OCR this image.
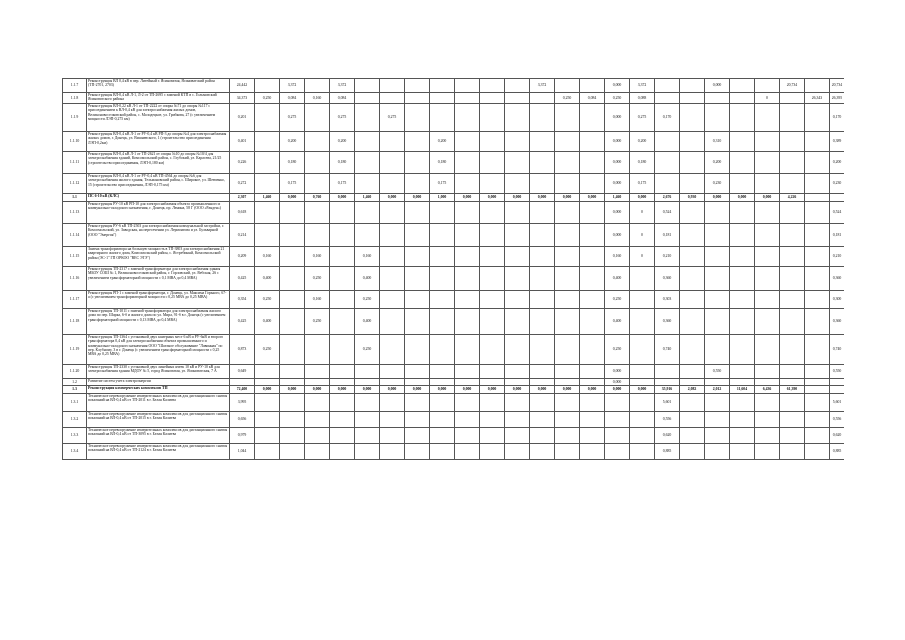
1.1.7	Реконструкция ВЛ 0,4 кВ в пер. Литейный г. Ясиноватая, Ясиноватский район (ТП-2701, 2703)	24,442		3,372		3,372								3,372			0,000	3,372			0,000			20,734		20,734
1.1.8	Реконструкция ВЛ-0,4 кВ Л-1, Л-2 от ТП-2695 с заменой КТП в с. Гольмовский Ясиноватского района	34,373	0,250	0,084	0,160	0,084									0,250	0,084	0,250	0,088					0		26,343	26,395
1.1.9	Реконструкция ВЛ-0,22 кВ Л-1 от ТП-2222 от опоры №71 до опоры №117 с присоединением к ВЛ-0,4 кВ для электроснабжения жилых домов, Великоновоселковский район, с. Молодецкое, ул. Грибкова, 27 (с увеличением мощности ЛЭП-0,275 км)	0,201		0,275		0,275		0,275									0,000	0,275	0,170							0,170
1.1.10	Реконструкция ВЛ-0,4 кВ Л-1 от РУ-0,4 кВ РП-3 до опоры №4 для электроснабжения жилых домов, г. Донецк, ул. Вишневского, 1 (строительство присоединения ЛЭП-0,2км)	0,401		0,200		0,200				0,200							0,000	0,200			0,310					0,389
1.1.11	Реконструкция ВЛ-0,4 кВ Л-1 от ТП-2621 от опоры №10 до опоры №10/4 для электроснабжения зданий, Комсомольский район, с. Глубокий, ул. Карасева, 21/25 (строительство присоединения, ЛЭП-0,180 км)	0,226		0,180		0,180				0,180							0,000	0,180			0,200					0,200
1.1.12	Реконструкция ВЛ-0,4 кВ Л-1 от РУ-0,4 кВ ТП-4564 до опоры №6 для электроснабжения жилого здания, Тельмановский район, с. Широкое, ул. Шевченко, 15 (строительство присоединения, ЛЭП-0,175 км)	0,272		0,175		0,175				0,175							0,000	0,175			0,230					0,230
1.1	ПС 6-10 кВ (КЛС)	2,307	1,460	0,000	0,760	0,000	1,460	0,000	0,000	1,000	0,000	0,000	0,000	0,000	0,000	0,000	1,460	0,000	2,676	0,930	0,000	0,000	0,000	4,226		
1.1.13	Реконструкция РУ-10 кВ РП-10 для электроснабжения объекта промышленного и коммунально-складского назначения, г. Донецк, пр. Ленина, 58 Г (ООО «Ранден»)	0,618															0,000	0	0,524							0,524
1.1.14	Реконструкция РУ-6 кВ ТП-2503 для электроснабжения коммунальной застройки, г. Комсомольский, ул. Заводская, на пересечении ул. Лермонтова и ул. Бульварной (ООО "Энергия")	0,214															0,000	0	0,181							0,181
1.1.15	Замена трансформатора на большую мощность в ТП-3803 для электроснабжения 21 квартирного жилого дома, Комсомольский район, с. Ястребиный, Комсомольский район (ЭС-1" ГП ОРКОО "ВЕС ЭТЭ")	0,209	0,160		0,160		0,160										0,160	0	0,210							0,210
1.1.16	Реконструкция ТП-2317 с заменой трансформатора для электроснабжения здания МБОУ СОШ № 1, Великоновоселковский район, г. Горловский, ул. Вебская, 26 с увеличением трансформаторной мощности с 0,1 МВА до 0,4 МВА)	0,425	0,400		0,250		0,400										0,400		0,360							0,360
1.1.17	Реконструкция РП-1 с заменой трансформатора, г. Донецк, ул. Максима Горького, 67-а (с увеличением трансформаторной мощности с 0,25 МВА до 0,25 МВА)	0,354	0,250		0,160		0,250										0,250		0,303							0,300
1.1.18	Реконструкция ТП-1011 с заменой трансформатора для электроснабжения жилого дома по пер. Шарка, 6-б и жилого дома по ул. Мира, 91-б в г. Донецк (с увеличением трансформаторной мощности с 0,13 МВА до 0,4 МВА)	0,425	0,400		0,250		0,400										0,400		0,360							0,360
1.1.19	Реконструкция ТП-1364 с установкой двух камерных мест 6 кВ и РУ-6кВ и второго трансформатора 0,4 кВ для электроснабжения объекта промышленного и коммунально-складского назначения ООО "Шахтное обслуживание "Лавинная" по пер. Клубному, 3 в г. Донецк (с увеличением трансформаторной мощности с 0,25 МВА до 0,25 МВА)	0,873	0,250				0,250										0,250		0,740							0,740
1.1.20	Реконструкция ТП-2330 с установкой двух линейных ячеек 10 кВ и РУ-10 кВ для электроснабжения здания МДОУ № 5, город Ясиноватая, ул. Ясиноватская, 7 А	0,649															0,000				0,550					0,550
1.2	Развитие систем учета электроэнергии																0,000									
1.3	Реконструкция коммерческих комплексов ТП	72,400	0,000	0,000	0,000	0,000	0,000	0,000	0,000	0,000	0,000	0,000	0,000	0,000	0,000	0,000	0,000	0,000	35,916	2,082	2,012	11,604	6,436	61,390		
1.3.1	Техническое перевооружение измерительных комплексов для дистанционного снятия показаний на ВЛ-0,4 кВ от ТП-2011 в г. Белая Калитва	3,995																	5,601							5,601
1.3.2	Техническое перевооружение измерительных комплексов для дистанционного снятия показаний на ВЛ-0,4 кВ от ТП-2015 в г. Белая Калитва	0,656																	0,556							0,556
1.3.3	Техническое перевооружение измерительных комплексов для дистанционного снятия показаний на ВЛ-0,4 кВ от ТП-3095 в г. Белая Калитва	0,979																	0,620							0,620
1.3.4	Техническое перевооружение измерительных комплексов для дистанционного снятия показаний на ВЛ-0,4 кВ от ТП-2124 в г. Белая Калитва	1,044																	0,885							0,885
